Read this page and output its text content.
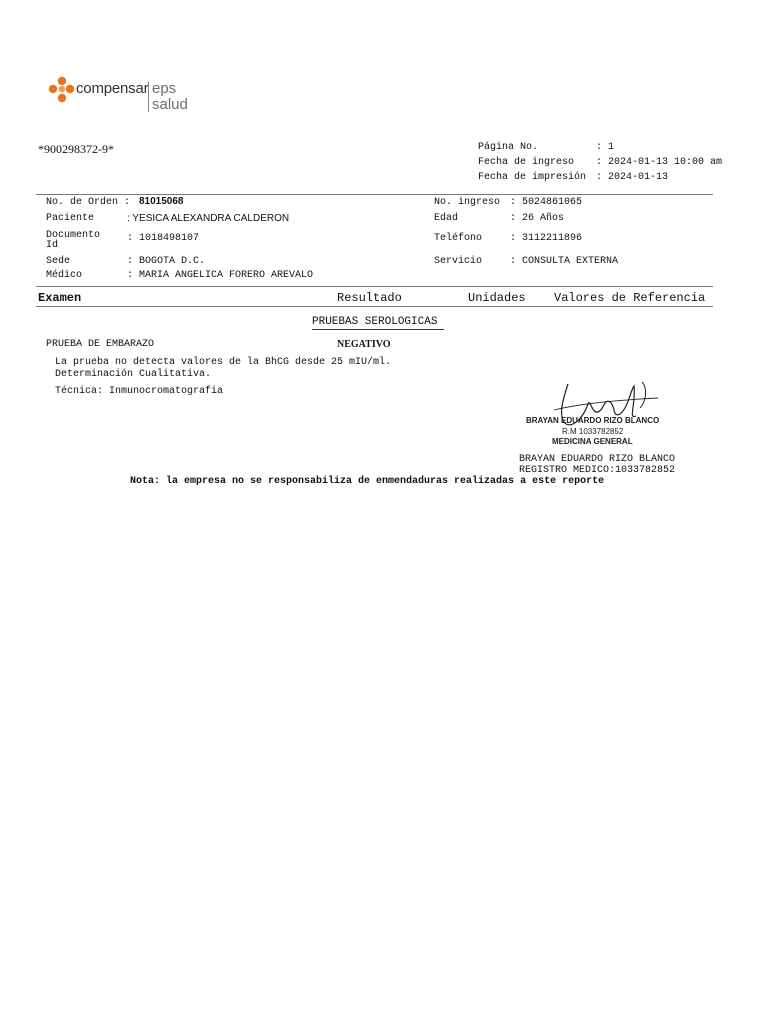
compensar eps
salud
*900298372-9*	Página No.	: 1
Fecha de ingreso : 2024-01-13 10:00 am
Fecha de impresión : 2024-01-13
No. de Orden : 81015068
Paciente	: YESICA ALEXANDRA CALDERON
Documento
Id
: 1018498107
Sede	: BOGOTA D.C.
Médico	: MARIA ANGELICA FORERO AREVALO
No. ingreso : 5024861065
Edad	: 26 Años
Teléfono	: 3112211896
Servicio	: CONSULTA EXTERNA
Examen	Resultado	Unidades Valores de Referencia
PRUEBAS SEROLOGICAS
PRUEBA DE EMBARAZO	NEGATIVO
La prueba no detecta valores de la BhCG desde 25 mIU/ml.
Determinación Cualitativa.
Técnica: Inmunocromatografia
BRAYAN EDUARDO RIZO BLANCO
R.M 1033782852
MEDICINA GENERAL
BRAYAN EDUARDO RIZO BLANCO
REGISTRO MEDICO:1033782852
Nota: la empresa no se responsabiliza de enmendaduras realizadas a este reporte
